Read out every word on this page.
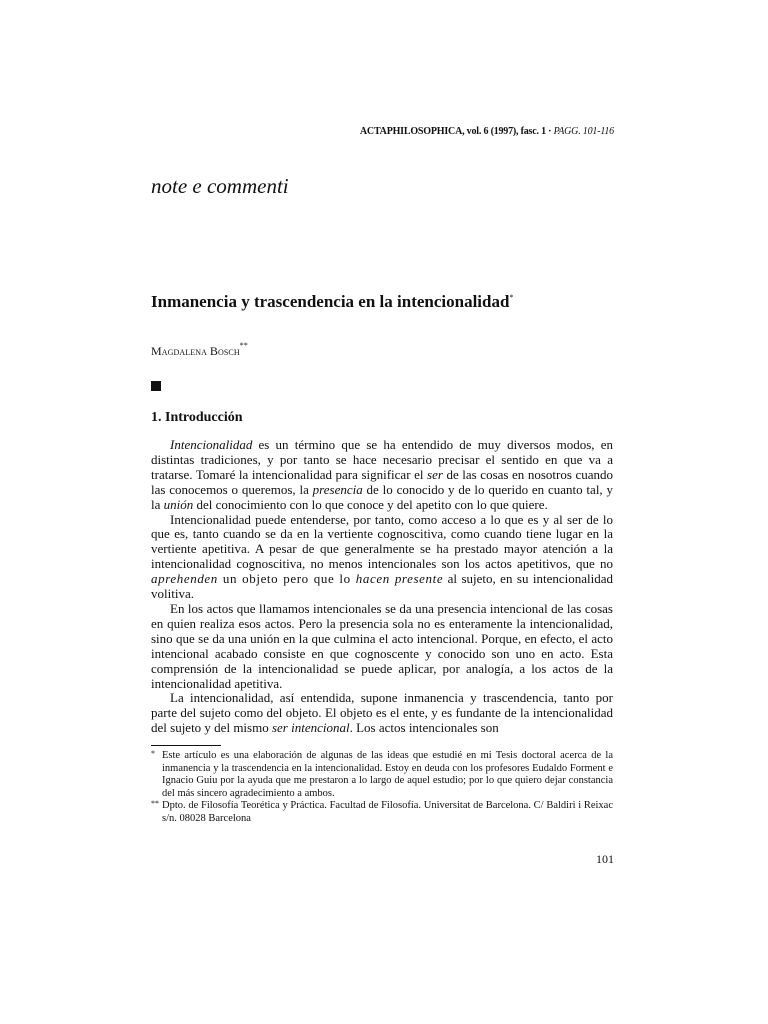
ACTAPHILOSOPHICA, vol. 6 (1997), fasc. 1 · PAGG. 101-116
note e commenti
Inmanencia y trascendencia en la intencionalidad*
Magdalena Bosch**
1. Introducción

Intencionalidad es un término que se ha entendido de muy diversos modos, en distintas tradiciones, y por tanto se hace necesario precisar el sentido en que va a tratarse. Tomaré la intencionalidad para significar el ser de las cosas en nosotros cuando las conocemos o queremos, la presencia de lo conocido y de lo querido en cuanto tal, y la unión del conocimiento con lo que conoce y del apetito con lo que quiere.

Intencionalidad puede entenderse, por tanto, como acceso a lo que es y al ser de lo que es, tanto cuando se da en la vertiente cognoscitiva, como cuando tiene lugar en la vertiente apetitiva. A pesar de que generalmente se ha prestado mayor atención a la intencionalidad cognoscitiva, no menos intencionales son los actos apetitivos, que no aprehenden un objeto pero que lo hacen presente al sujeto, en su intencionalidad volitiva.

En los actos que llamamos intencionales se da una presencia intencional de las cosas en quien realiza esos actos. Pero la presencia sola no es enteramente la intencionalidad, sino que se da una unión en la que culmina el acto intencional. Porque, en efecto, el acto intencional acabado consiste en que cognoscente y conocido son uno en acto. Esta comprensión de la intencionalidad se puede aplicar, por analogía, a los actos de la intencionalidad apetitiva.

La intencionalidad, así entendida, supone inmanencia y trascendencia, tanto por parte del sujeto como del objeto. El objeto es el ente, y es fundante de la intencionalidad del sujeto y del mismo ser intencional. Los actos intencionales son

* Este artículo es una elaboración de algunas de las ideas que estudié en mi Tesis doctoral acerca de la inmanencia y la trascendencia en la intencionalidad. Estoy en deuda con los profesores Eudaldo Forment e Ignacio Guiu por la ayuda que me prestaron a lo largo de aquel estudio; por lo que quiero dejar constancia del más sincero agradecimiento a ambos.

** Dpto. de Filosofía Teorética y Práctica. Facultad de Filosofía. Universitat de Barcelona. C/ Baldiri i Reixac s/n. 08028 Barcelona

101
